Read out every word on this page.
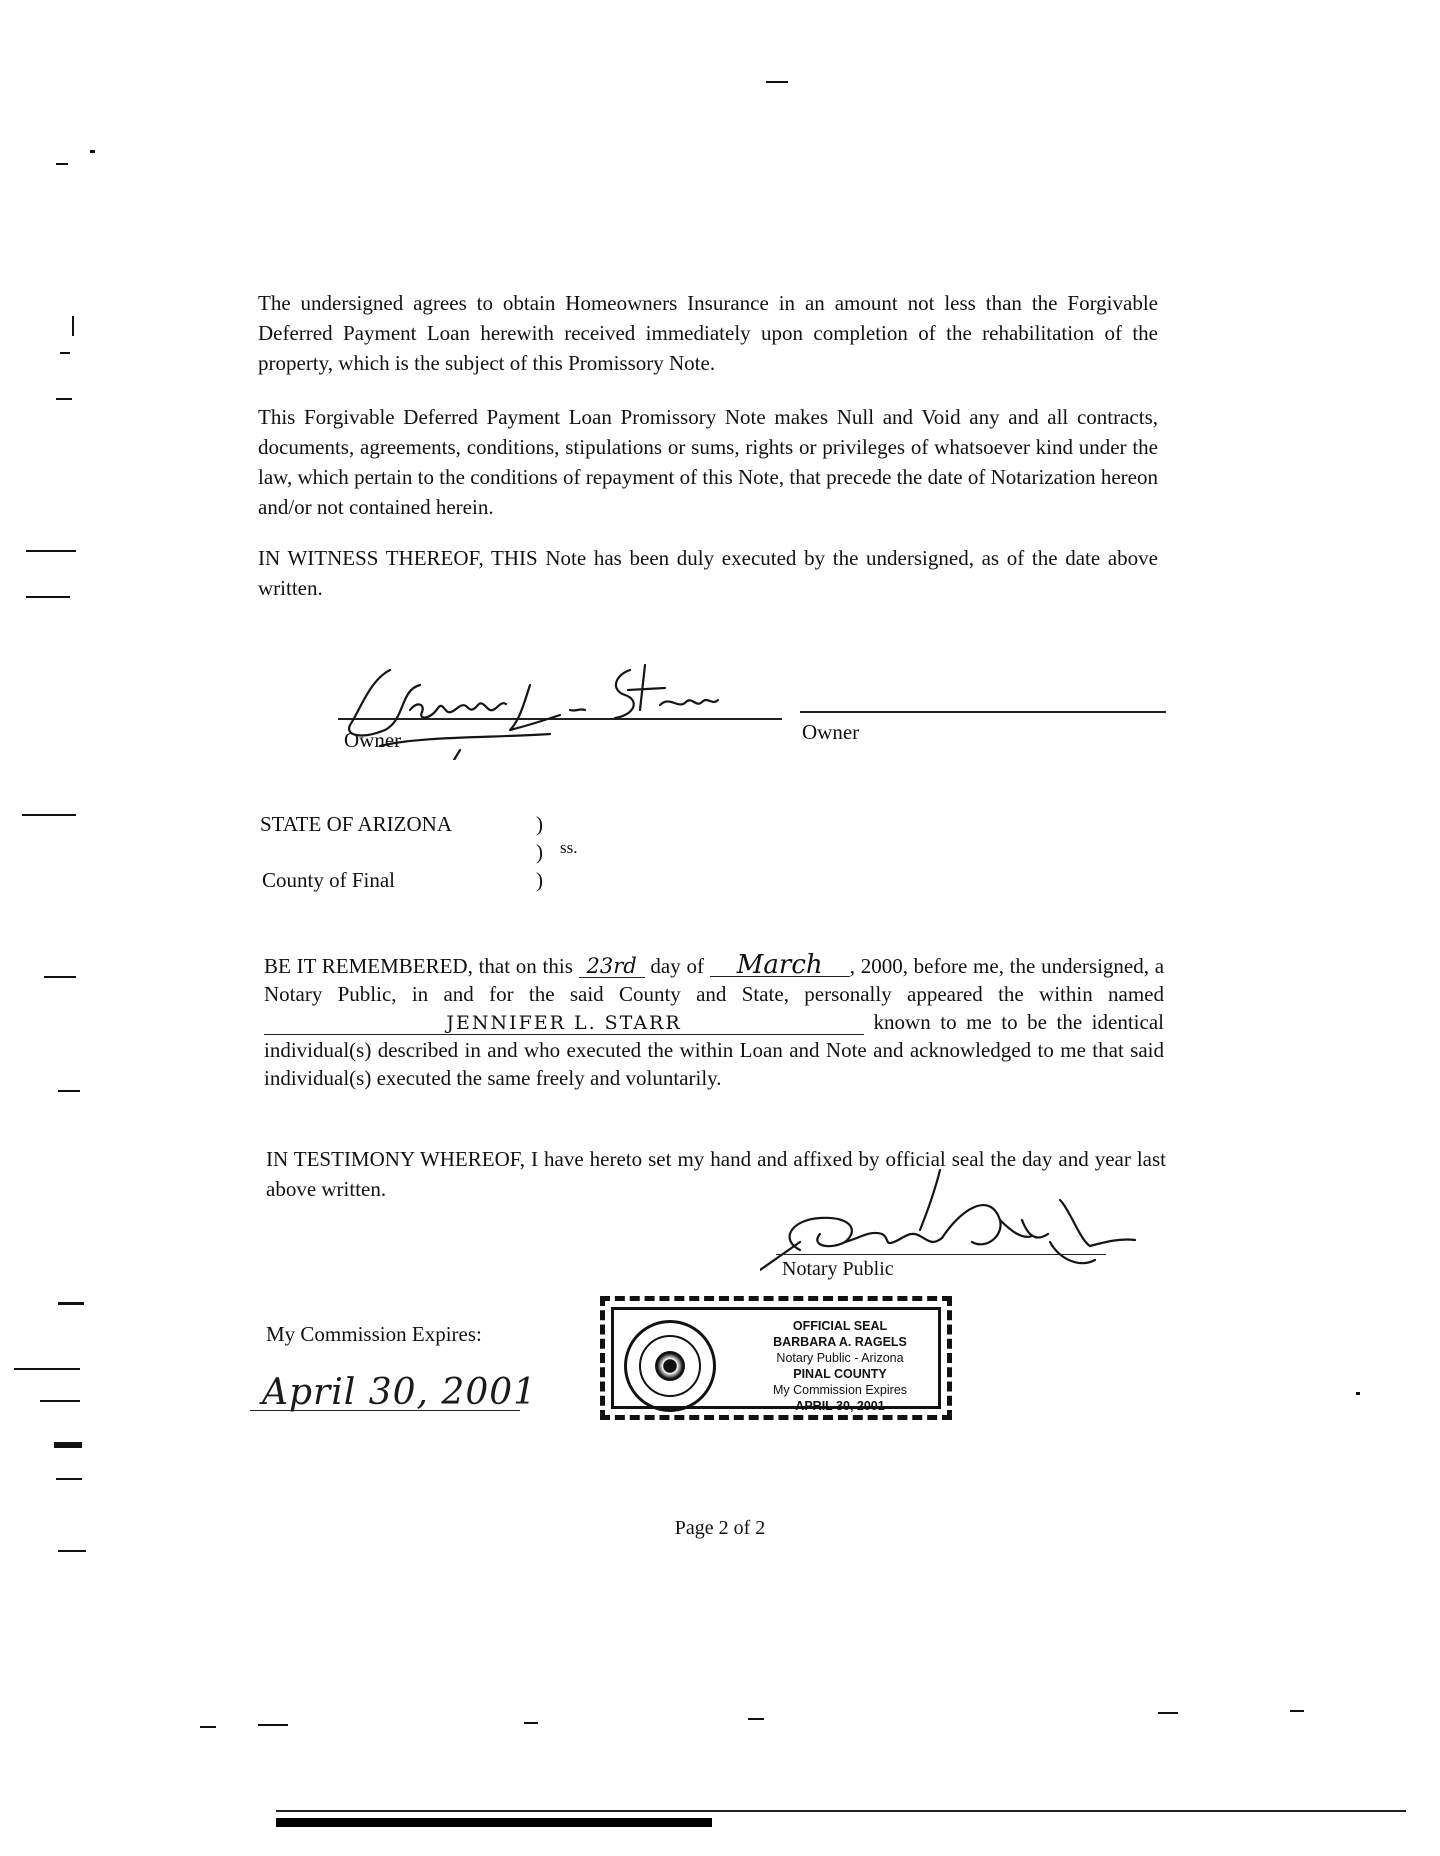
The undersigned agrees to obtain Homeowners Insurance in an amount not less than the Forgivable Deferred Payment Loan herewith received immediately upon completion of the rehabilitation of the property, which is the subject of this Promissory Note.

This Forgivable Deferred Payment Loan Promissory Note makes Null and Void any and all contracts, documents, agreements, conditions, stipulations or sums, rights or privileges of whatsoever kind under the law, which pertain to the conditions of repayment of this Note, that precede the date of Notarization hereon and/or not contained herein.

IN WITNESS THEREOF, THIS Note has been duly executed by the undersigned, as of the date above written.

Owner	Owner
STATE OF ARIZONA	)
) ss.
County of Final	)

BE IT REMEMBERED, that on this 23rd day of March , 2000, before me, the undersigned, a Notary Public, in and for the said County and State, personally appeared the within named JENNIFER L. STARR	known to me to be the identical individual(s) described in and who executed the within Loan and Note and acknowledged to me that said individual(s) executed the same freely and voluntarily.

IN TESTIMONY WHEREOF, I have hereto set my hand and affixed by official seal the day and year last above written.

Notary Public
My Commission Expires:
April 30, 2001
OFFICIAL SEAL
BARBARA A. RAGELS
Notary Public - Arizona
PINAL COUNTY
My Commission Expires
APRIL 30, 2001
Page 2 of 2
